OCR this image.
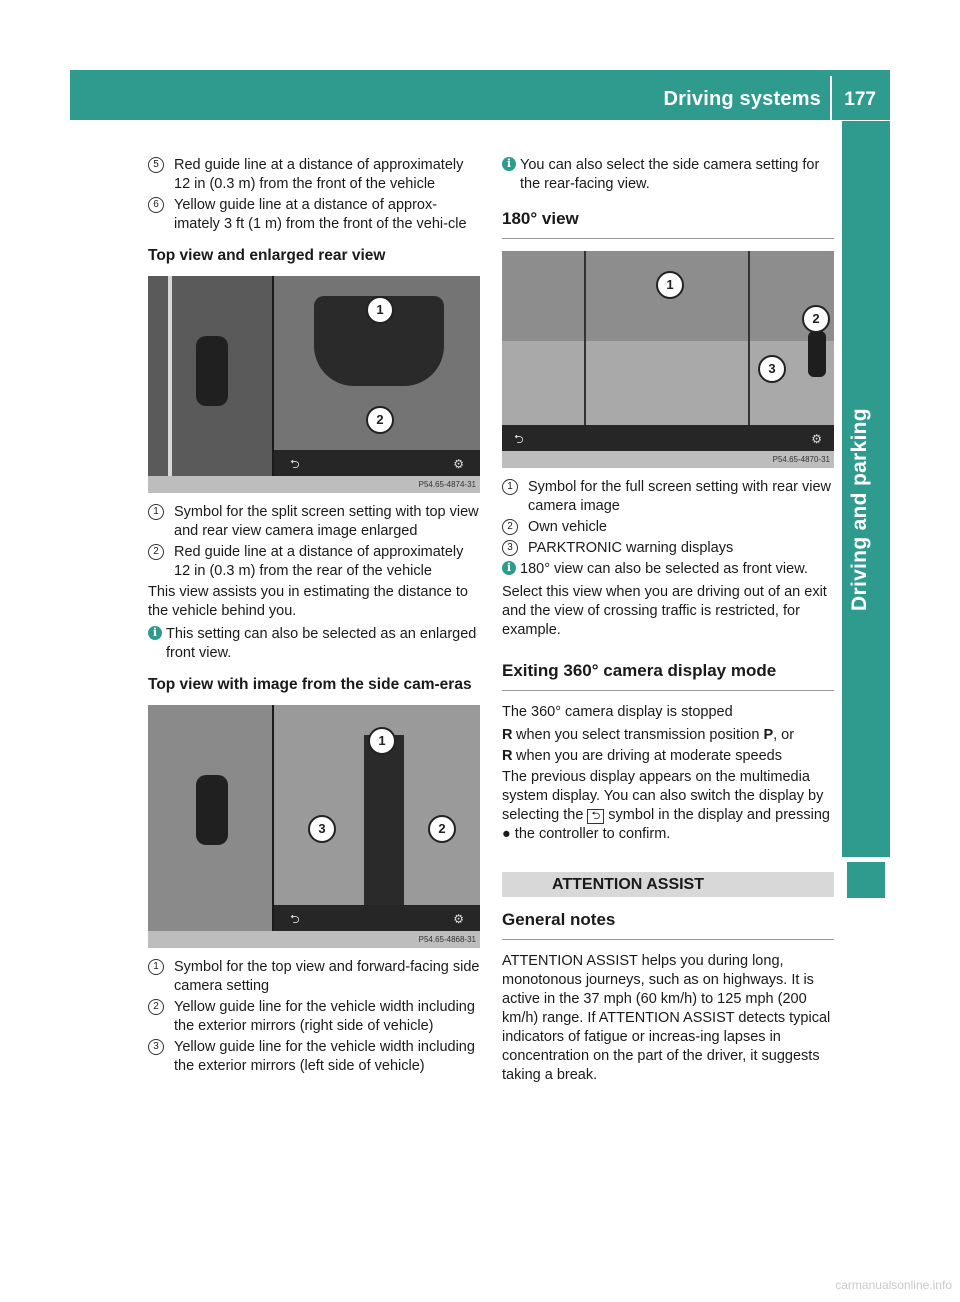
Driving systems 177
Driving and parking
5	Red guide line at a distance of approximately 12 in (0.3 m) from the front of the vehicle
6	Yellow guide line at a distance of approx-imately 3 ft (1 m) from the front of the vehi-cle
Top view and enlarged rear view
1
2
⮌	⚙
P54.65-4874-31
1	Symbol for the split screen setting with top view and rear view camera image enlarged
2	Red guide line at a distance of approximately 12 in (0.3 m) from the rear of the vehicle

This view assists you in estimating the distance to the vehicle behind you.

i This setting can also be selected as an enlarged front view.
Top view with image from the side cam-eras
1
2
3
⮌	⚙
P54.65-4868-31
1	Symbol for the top view and forward-facing side camera setting
2	Yellow guide line for the vehicle width including the exterior mirrors (right side of vehicle)
3	Yellow guide line for the vehicle width including the exterior mirrors (left side of vehicle)
i You can also select the side camera setting for the rear-facing view.
180° view
1
2
3
⮌	⚙
P54.65-4870-31
1	Symbol for the full screen setting with rear view camera image
2	Own vehicle
3	PARKTRONIC warning displays
i 180° view can also be selected as front view.

Select this view when you are driving out of an exit and the view of crossing traffic is restricted, for example.

Exiting 360° camera display mode

The 360° camera display is stopped

R when you select transmission position P, or
R when you are driving at moderate speeds

The previous display appears on the multimedia system display. You can also switch the display by selecting the ⮌ symbol in the display and pressing ● the controller to confirm.

ATTENTION ASSIST
General notes

ATTENTION ASSIST helps you during long, monotonous journeys, such as on highways. It is active in the 37 mph (60 km/h) to 125 mph (200 km/h) range. If ATTENTION ASSIST detects typical indicators of fatigue or increas-ing lapses in concentration on the part of the driver, it suggests taking a break.

carmanualsonline.info
